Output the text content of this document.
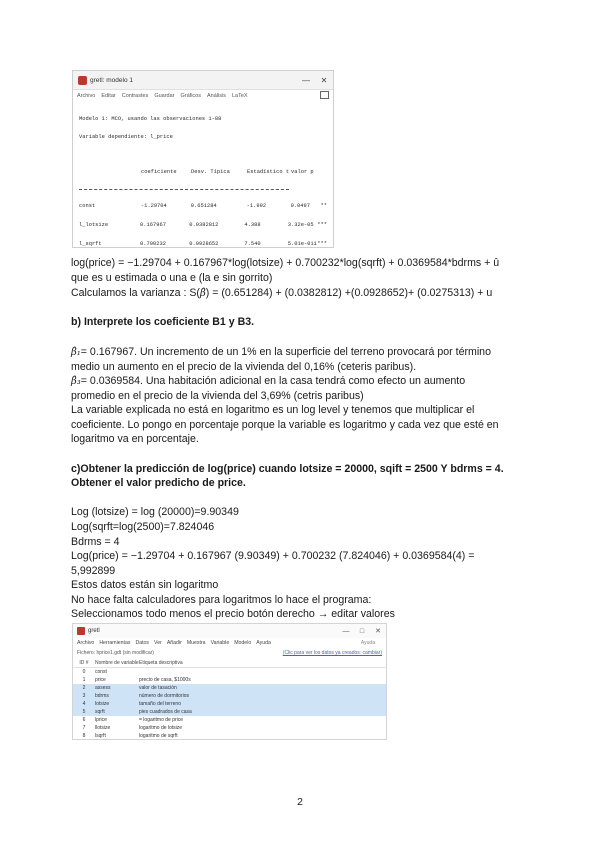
gretl: modelo 1	—	✕
Archivo Editar Contrastes Guardar Gráficos Análisis LaTeX

Modelo 1: MCO, usando las observaciones 1-88

Variable dependiente: l_price

coeficiente	Desv. Típica	Estadístico t valor p

const	-1.29704	0.651284	-1.992	0.0497	**

l_lotsize	0.167967	0.0382812	4.388	3.32e-05 ***

l_sqrft	0.700232	0.0928652	7.540	5.01e-011 ***

log(price) = −1.29704 + 0.167967*log(lotsize) + 0.700232*log(sqrft) + 0.0369584*bdrms + û
que es u estimada o una e (la e sin gorrito)
Calculamos la varianza : S(β̂) = (0.651284) + (0.0382812) +(0.0928652)+ (0.0275313) + u
b) Interprete los coeficiente B1 y B3.
β̂₁= 0.167967. Un incremento de un 1% en la superficie del terreno provocará por término
medio un aumento en el precio de la vivienda del 0,16% (ceteris paribus).
β̂₃= 0.0369584. Una habitación adicional en la casa tendrá como efecto un aumento
promedio en el precio de la vivienda del 3,69% (cetris paribus)
La variable explicada no está en logaritmo es un log level y tenemos que multiplicar el
coeficiente. Lo pongo en porcentaje porque la variable es logaritmo y cada vez que esté en
logaritmo va en porcentaje.
c)Obtener la predicción de log(price) cuando lotsize = 20000, sqift = 2500 Y bdrms = 4.
Obtener el valor predicho de price.
Log (lotsize) = log (20000)=9.90349
Log(sqrft=log(2500)=7.824046
Bdrms = 4
Log(price) = −1.29704 + 0.167967 (9.90349) + 0.700232 (7.824046) + 0.0369584(4) =
5,992899
Estos datos están sin logaritmo
No hace falta calculadores para logaritmos lo hace el programa:
Seleccionamos todo menos el precio botón derecho → editar valores
gretl	—	□	✕
Archivo Herramientas Datos Ver Añadir Muestra Variable Modelo Ayuda	Ayuda
Fichero: hprice1.gdt (sin modificar)	(Clic para ver los datos ya creados: cambiar)
ID #	Nombre de variable Etiqueta descriptiva
0	const
1	price	precio de casa, $1000s
2	assess	valor de tasación
3	bdrms	número de dormitorios
4	lotsize	tamaño del terreno
5	sqrft	pies cuadrados de casa
6	lprice	= logaritmo de price
7	llotsize	logaritmo de lotsize
8	lsqrft	logaritmo de sqrft
2
